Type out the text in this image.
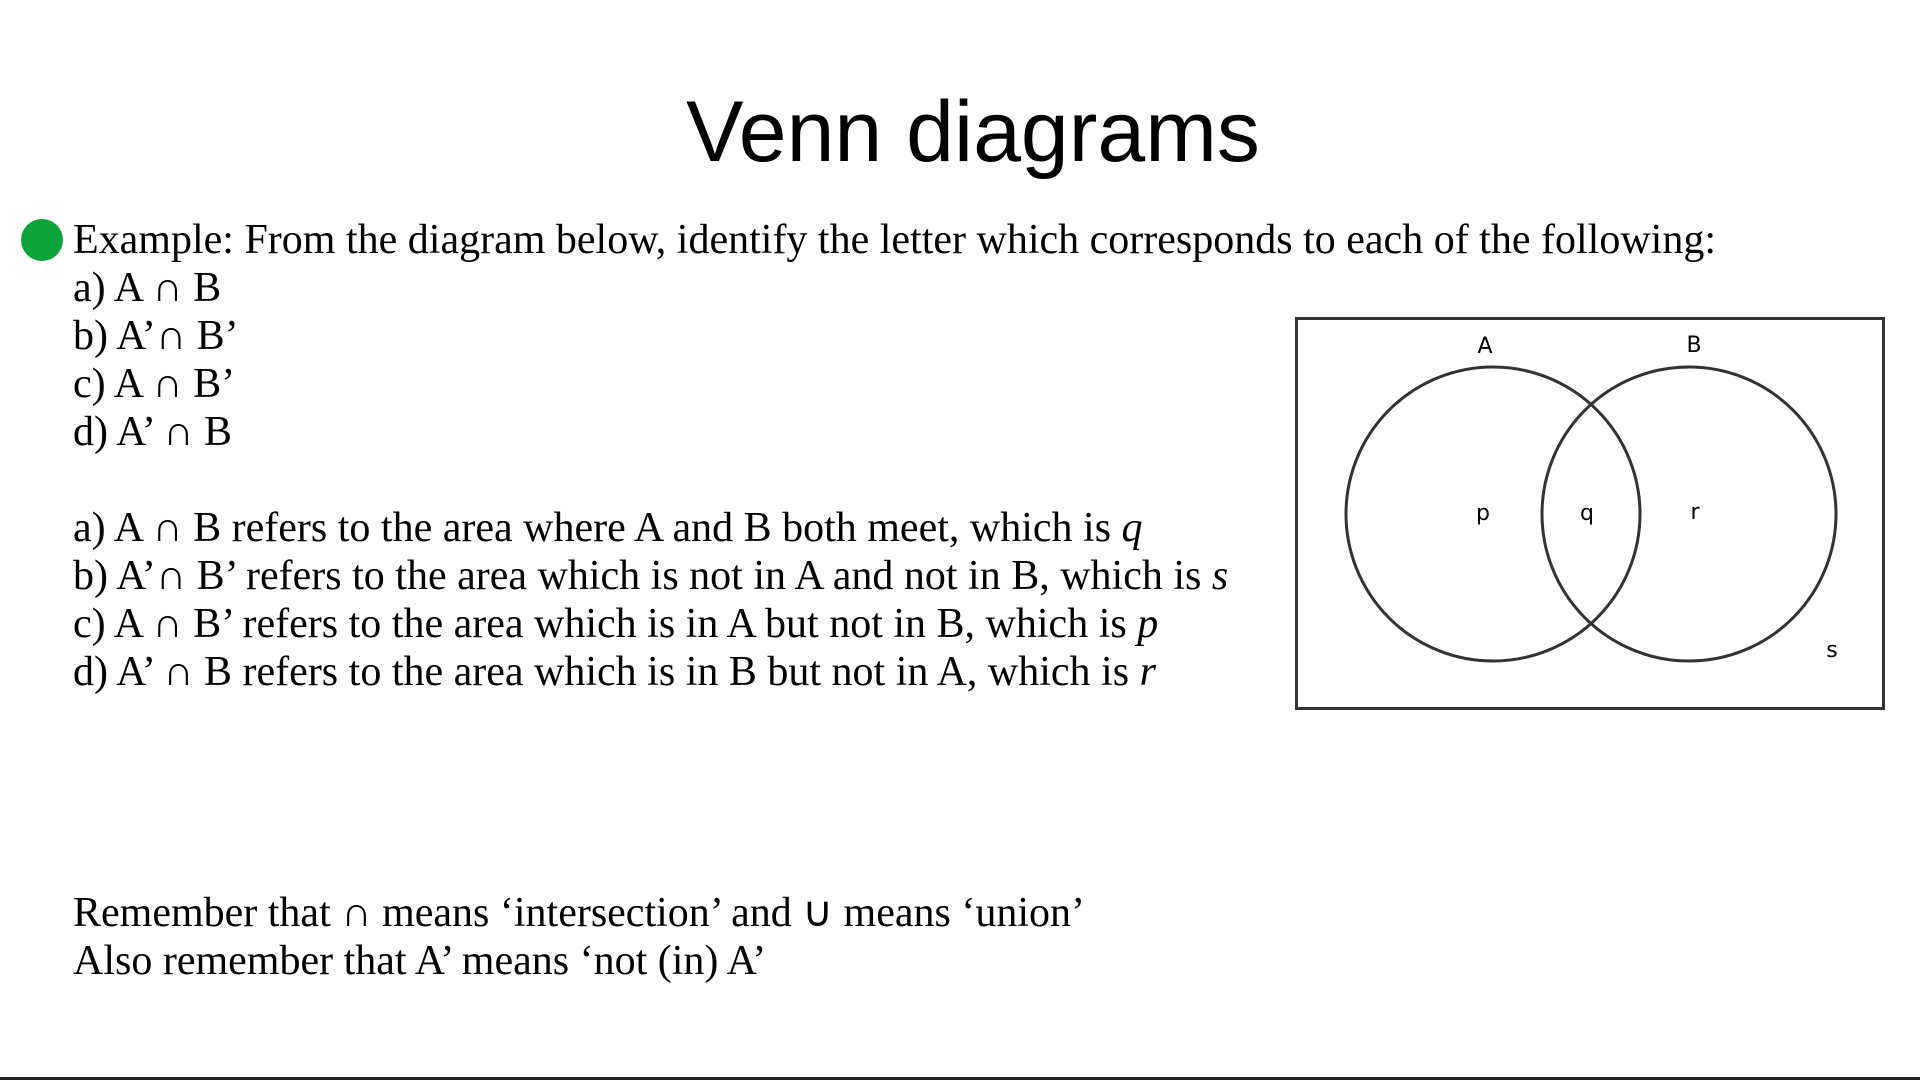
Venn diagrams
Example: From the diagram below, identify the letter which corresponds to each of the following:
a) A ∩ B
b) A’∩ B’
c) A ∩ B’
d) A’ ∩ B
a) A ∩ B refers to the area where A and B both meet, which is q
b) A’∩ B’ refers to the area which is not in A and not in B, which is s
c) A ∩ B’ refers to the area which is in A but not in B, which is p
d) A’ ∩ B refers to the area which is in B but not in A, which is r
Remember that ∩ means ‘intersection’ and ∪ means ‘union’
Also remember that A’ means ‘not (in) A’
A	B
p	q	r
s
